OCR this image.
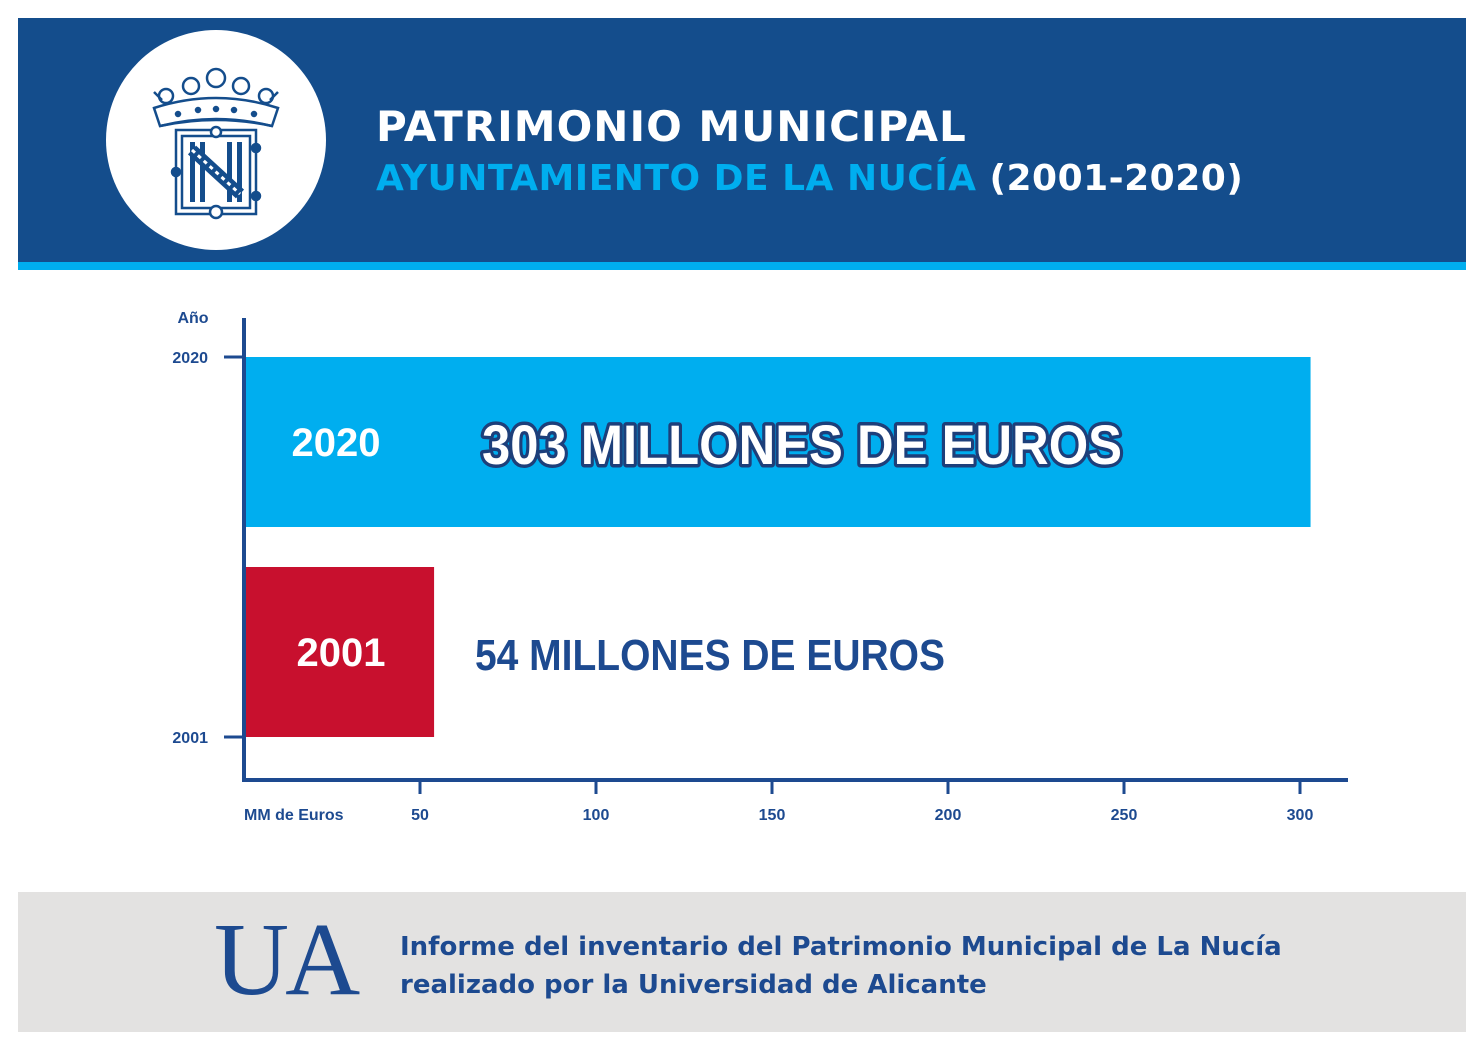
PATRIMONIO MUNICIPAL
AYUNTAMIENTO DE LA NUCÍA (2001-2020)
50	100	150	200	250	300
MM de Euros
Año
2020
2001
2020
2001
303 MILLONES DE EUROS
54 MILLONES DE EUROS
UA Informe del inventario del Patrimonio Municipal de La Nucía
realizado por la Universidad de Alicante
